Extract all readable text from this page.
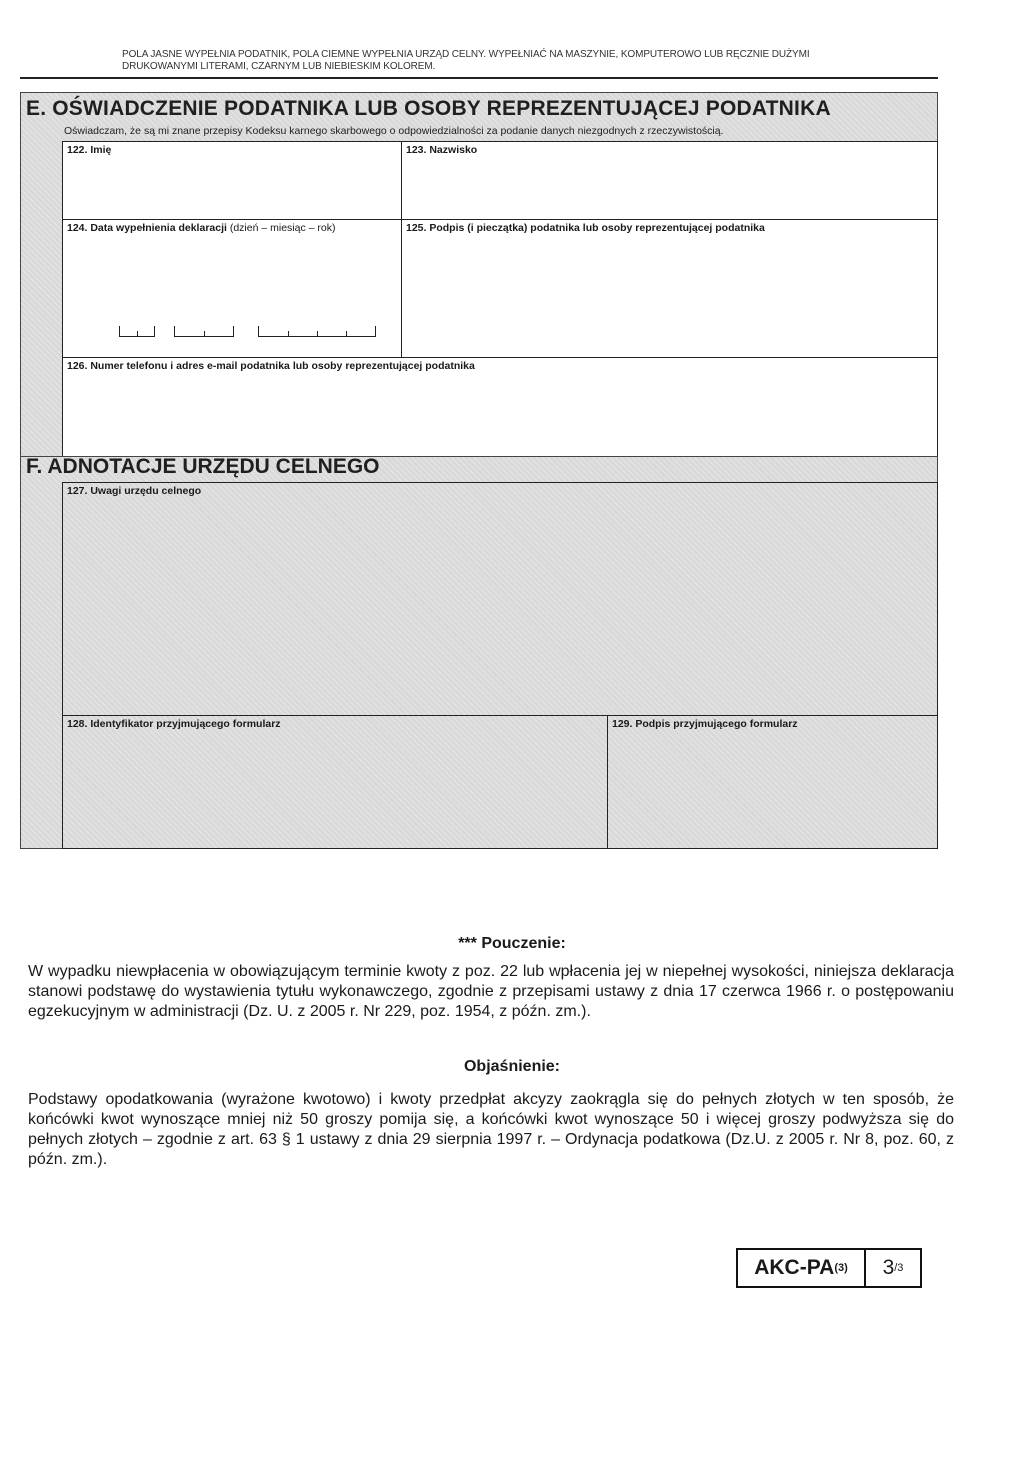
POLA JASNE WYPEŁNIA PODATNIK, POLA CIEMNE WYPEŁNIA URZĄD CELNY. WYPEŁNIAĆ NA MASZYNIE, KOMPUTEROWO LUB RĘCZNIE DUŻYMI
DRUKOWANYMI LITERAMI, CZARNYM LUB NIEBIESKIM KOLOREM.
E. OŚWIADCZENIE PODATNIKA LUB OSOBY REPREZENTUJĄCEJ PODATNIKA
Oświadczam, że są mi znane przepisy Kodeksu karnego skarbowego o odpowiedzialności za podanie danych niezgodnych z rzeczywistością.
122. Imię	123. Nazwisko
124. Data wypełnienia deklaracji (dzień – miesiąc – rok)	125. Podpis (i pieczątka) podatnika lub osoby reprezentującej podatnika
126. Numer telefonu i adres e-mail podatnika lub osoby reprezentującej podatnika
F. ADNOTACJE URZĘDU CELNEGO
127. Uwagi urzędu celnego
128. Identyfikator przyjmującego formularz	129. Podpis przyjmującego formularz
*** Pouczenie:
W wypadku niewpłacenia w obowiązującym terminie kwoty z poz. 22 lub wpłacenia jej w niepełnej wysokości, niniejsza deklaracja stanowi podstawę do wystawienia tytułu wykonawczego, zgodnie z przepisami ustawy z dnia 17 czerwca 1966 r. o postępowaniu egzekucyjnym w administracji (Dz. U. z 2005 r. Nr 229, poz. 1954, z późn. zm.).
Objaśnienie:
Podstawy opodatkowania (wyrażone kwotowo) i kwoty przedpłat akcyzy zaokrągla się do pełnych złotych w ten sposób, że końcówki kwot wynoszące mniej niż 50 groszy pomija się, a końcówki kwot wynoszące 50 i więcej groszy podwyższa się do pełnych złotych – zgodnie z art. 63 § 1 ustawy z dnia 29 sierpnia 1997 r. – Ordynacja podatkowa (Dz.U. z 2005 r. Nr 8, poz. 60, z późn. zm.).
AKC-PA (3) 3 /3
